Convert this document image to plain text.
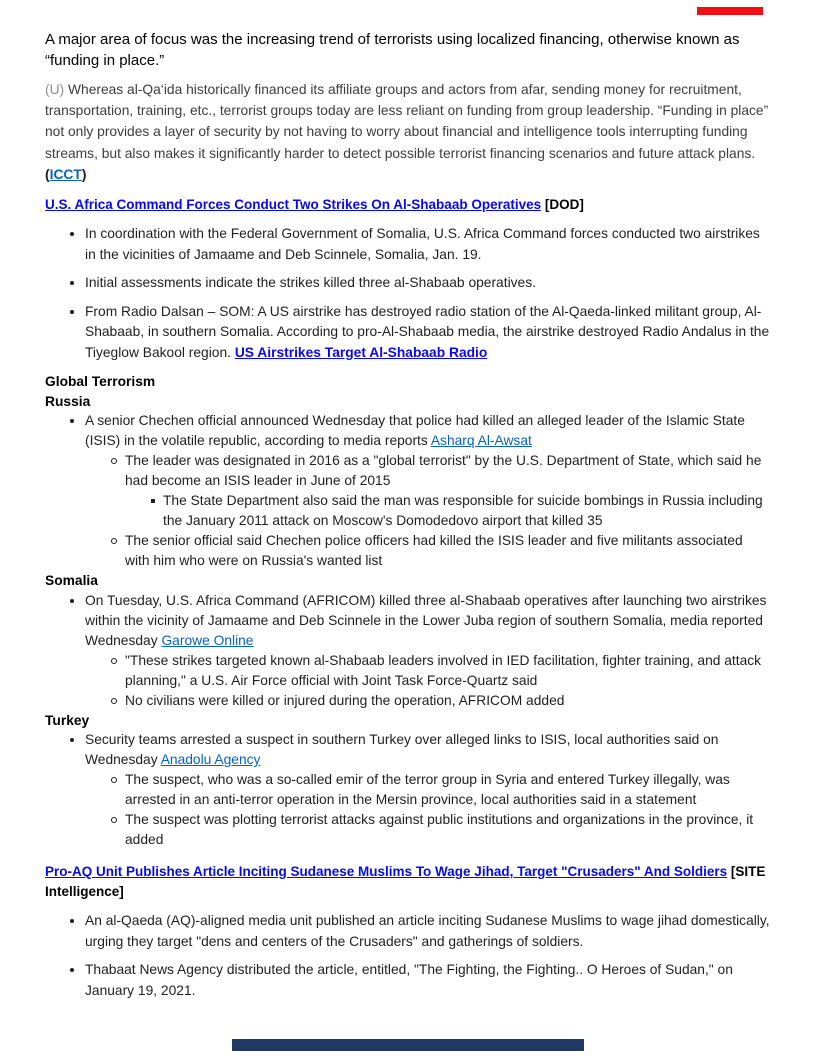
A major area of focus was the increasing trend of terrorists using localized financing, otherwise known as “funding in place.”

(U) Whereas al-Qa‘ida historically financed its affiliate groups and actors from afar, sending money for recruitment, transportation, training, etc., terrorist groups today are less reliant on funding from group leadership. “Funding in place” not only provides a layer of security by not having to worry about financial and intelligence tools interrupting funding streams, but also makes it significantly harder to detect possible terrorist financing scenarios and future attack plans. (ICCT)

U.S. Africa Command Forces Conduct Two Strikes On Al-Shabaab Operatives [DOD]

In coordination with the Federal Government of Somalia, U.S. Africa Command forces conducted two airstrikes in the vicinities of Jamaame and Deb Scinnele, Somalia, Jan. 19.
Initial assessments indicate the strikes killed three al-Shabaab operatives.
From Radio Dalsan – SOM: A US airstrike has destroyed radio station of the Al-Qaeda-linked militant group, Al-Shabaab, in southern Somalia. According to pro-Al-Shabaab media, the airstrike destroyed Radio Andalus in the Tiyeglow Bakool region. US Airstrikes Target Al-Shabaab Radio

Global Terrorism

Russia

A senior Chechen official announced Wednesday that police had killed an alleged leader of the Islamic State (ISIS) in the volatile republic, according to media reports Asharq Al-Awsat
The leader was designated in 2016 as a "global terrorist" by the U.S. Department of State, which said he had become an ISIS leader in June of 2015
The State Department also said the man was responsible for suicide bombings in Russia including the January 2011 attack on Moscow's Domodedovo airport that killed 35
The senior official said Chechen police officers had killed the ISIS leader and five militants associated with him who were on Russia's wanted list

Somalia

On Tuesday, U.S. Africa Command (AFRICOM) killed three al-Shabaab operatives after launching two airstrikes within the vicinity of Jamaame and Deb Scinnele in the Lower Juba region of southern Somalia, media reported Wednesday Garowe Online
"These strikes targeted known al-Shabaab leaders involved in IED facilitation, fighter training, and attack planning," a U.S. Air Force official with Joint Task Force-Quartz said
No civilians were killed or injured during the operation, AFRICOM added

Turkey

Security teams arrested a suspect in southern Turkey over alleged links to ISIS, local authorities said on Wednesday Anadolu Agency
The suspect, who was a so-called emir of the terror group in Syria and entered Turkey illegally, was arrested in an anti-terror operation in the Mersin province, local authorities said in a statement
The suspect was plotting terrorist attacks against public institutions and organizations in the province, it added

Pro-AQ Unit Publishes Article Inciting Sudanese Muslims To Wage Jihad, Target "Crusaders" And Soldiers [SITE Intelligence]

An al-Qaeda (AQ)-aligned media unit published an article inciting Sudanese Muslims to wage jihad domestically, urging they target "dens and centers of the Crusaders" and gatherings of soldiers.
Thabaat News Agency distributed the article, entitled, "The Fighting, the Fighting.. O Heroes of Sudan," on January 19, 2021.
